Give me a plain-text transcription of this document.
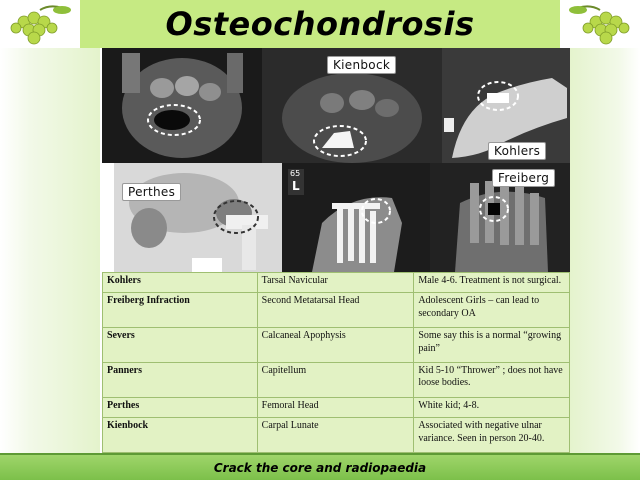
Osteochondrosis
Kienbock
Kohlers
Perthes
65
L
Freiberg
Kohlers	Tarsal Navicular	Male 4-6. Treatment is not surgical.
Freiberg Infraction	Second Metatarsal Head	Adolescent Girls – can lead to secondary OA
Severs	Calcaneal Apophysis	Some say this is a normal “growing pain”
Panners	Capitellum	Kid 5-10 “Thrower” ; does not have loose bodies.
Perthes	Femoral Head	White kid; 4-8.
Kienbock	Carpal Lunate	Associated with negative ulnar variance. Seen in person 20-40.
Crack the core and radiopaedia
